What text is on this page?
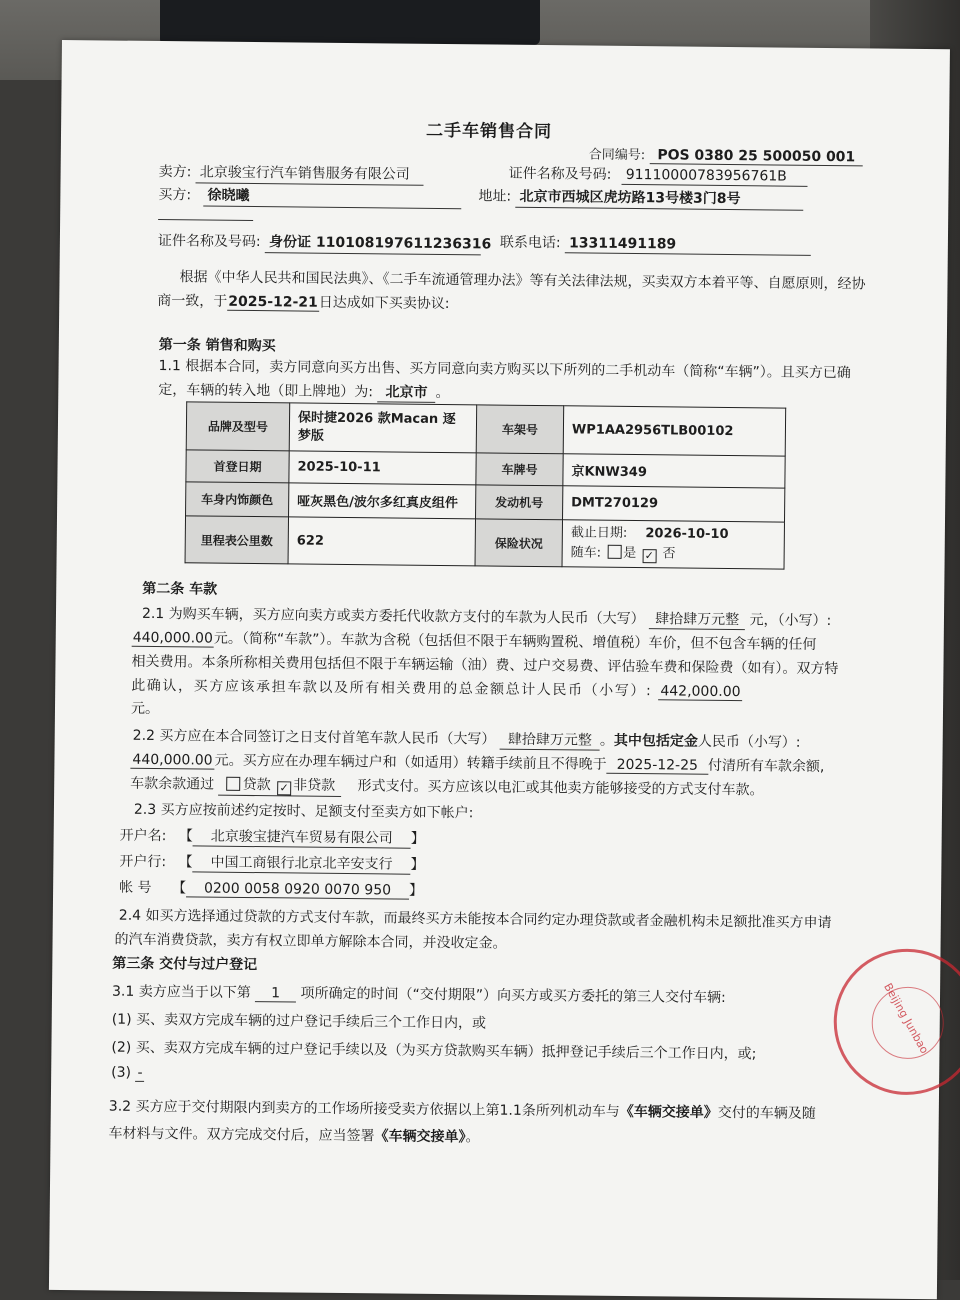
二手车销售合同
合同编号: POS 0380 25 500050 001
卖方: 北京骏宝行汽车销售服务有限公司	证件名称及号码: 91110000783956761B
买方: 徐晓曦	地址: 北京市西城区虎坊路13号楼3门8号
证件名称及号码: 身份证 110108197611236316 联系电话: 13311491189
根据《中华人民共和国民法典》、《二手车流通管理办法》等有关法律法规，买卖双方本着平等、自愿原则，经协
商一致，于2025-12-21日达成如下买卖协议:
第一条 销售和购买
1.1 根据本合同，卖方同意向买方出售、买方同意向卖方购买以下所列的二手机动车（简称“车辆”）。且买方已确
定，车辆的转入地（即上牌地）为: 北京市 。
品牌及型号	保时捷2026 款Macan 逐梦版	车架号	WP1AA2956TLB00102
首登日期	2025-10-11	车牌号	京KNW349
车身内饰颜色	哑灰黑色/波尔多红真皮组件	发动机号	DMT270129
里程表公里数	622	保险状况	截止日期: 2026-10-10
随车: 是 ✓ 否
第二条 车款
2.1 为购买车辆，买方应向卖方或卖方委托代收款方支付的车款为人民币（大写） 肆拾肆万元整 元，（小写）:
440,000.00元。（简称“车款”）。车款为含税（包括但不限于车辆购置税、增值税）车价，但不包含车辆的任何
相关费用。本条所称相关费用包括但不限于车辆运输（油）费、过户交易费、评估验车费和保险费（如有）。双方特
此确认，买方应该承担车款以及所有相关费用的总金额总计人民币（小写）: 442,000.00
元。
2.2 买方应在本合同签订之日支付首笔车款人民币（大写） 肆拾肆万元整 。其中包括定金人民币（小写）:
440,000.00 元。买方应在办理车辆过户和（如适用）转籍手续前且不得晚于 2025-12-25 付清所有车款余额,
车款余款通过 贷款 ✓ 非贷款 形式支付。买方应该以电汇或其他卖方能够接受的方式支付车款。
2.3 买方应按前述约定按时、足额支付至卖方如下帐户:
开户名: 【 北京骏宝捷汽车贸易有限公司 】
开户行: 【 中国工商银行北京北辛安支行 】
帐 号 【 0200 0058 0920 0070 950 】
2.4 如买方选择通过贷款的方式支付车款，而最终买方未能按本合同约定办理贷款或者金融机构未足额批准买方申请
的汽车消费贷款，卖方有权立即单方解除本合同，并没收定金。
第三条 交付与过户登记
3.1 卖方应当于以下第 1 项所确定的时间（“交付期限”）向买方或买方委托的第三人交付车辆:
(1) 买、卖双方完成车辆的过户登记手续后三个工作日内，或
(2) 买、卖双方完成车辆的过户登记手续以及（为买方贷款购买车辆）抵押登记手续后三个工作日内，或;
(3) -
3.2 买方应于交付期限内到卖方的工作场所接受卖方依据以上第1.1条所列机动车与《车辆交接单》交付的车辆及随
车材料与文件。双方完成交付后，应当签署《车辆交接单》。
Beijing Junbao
